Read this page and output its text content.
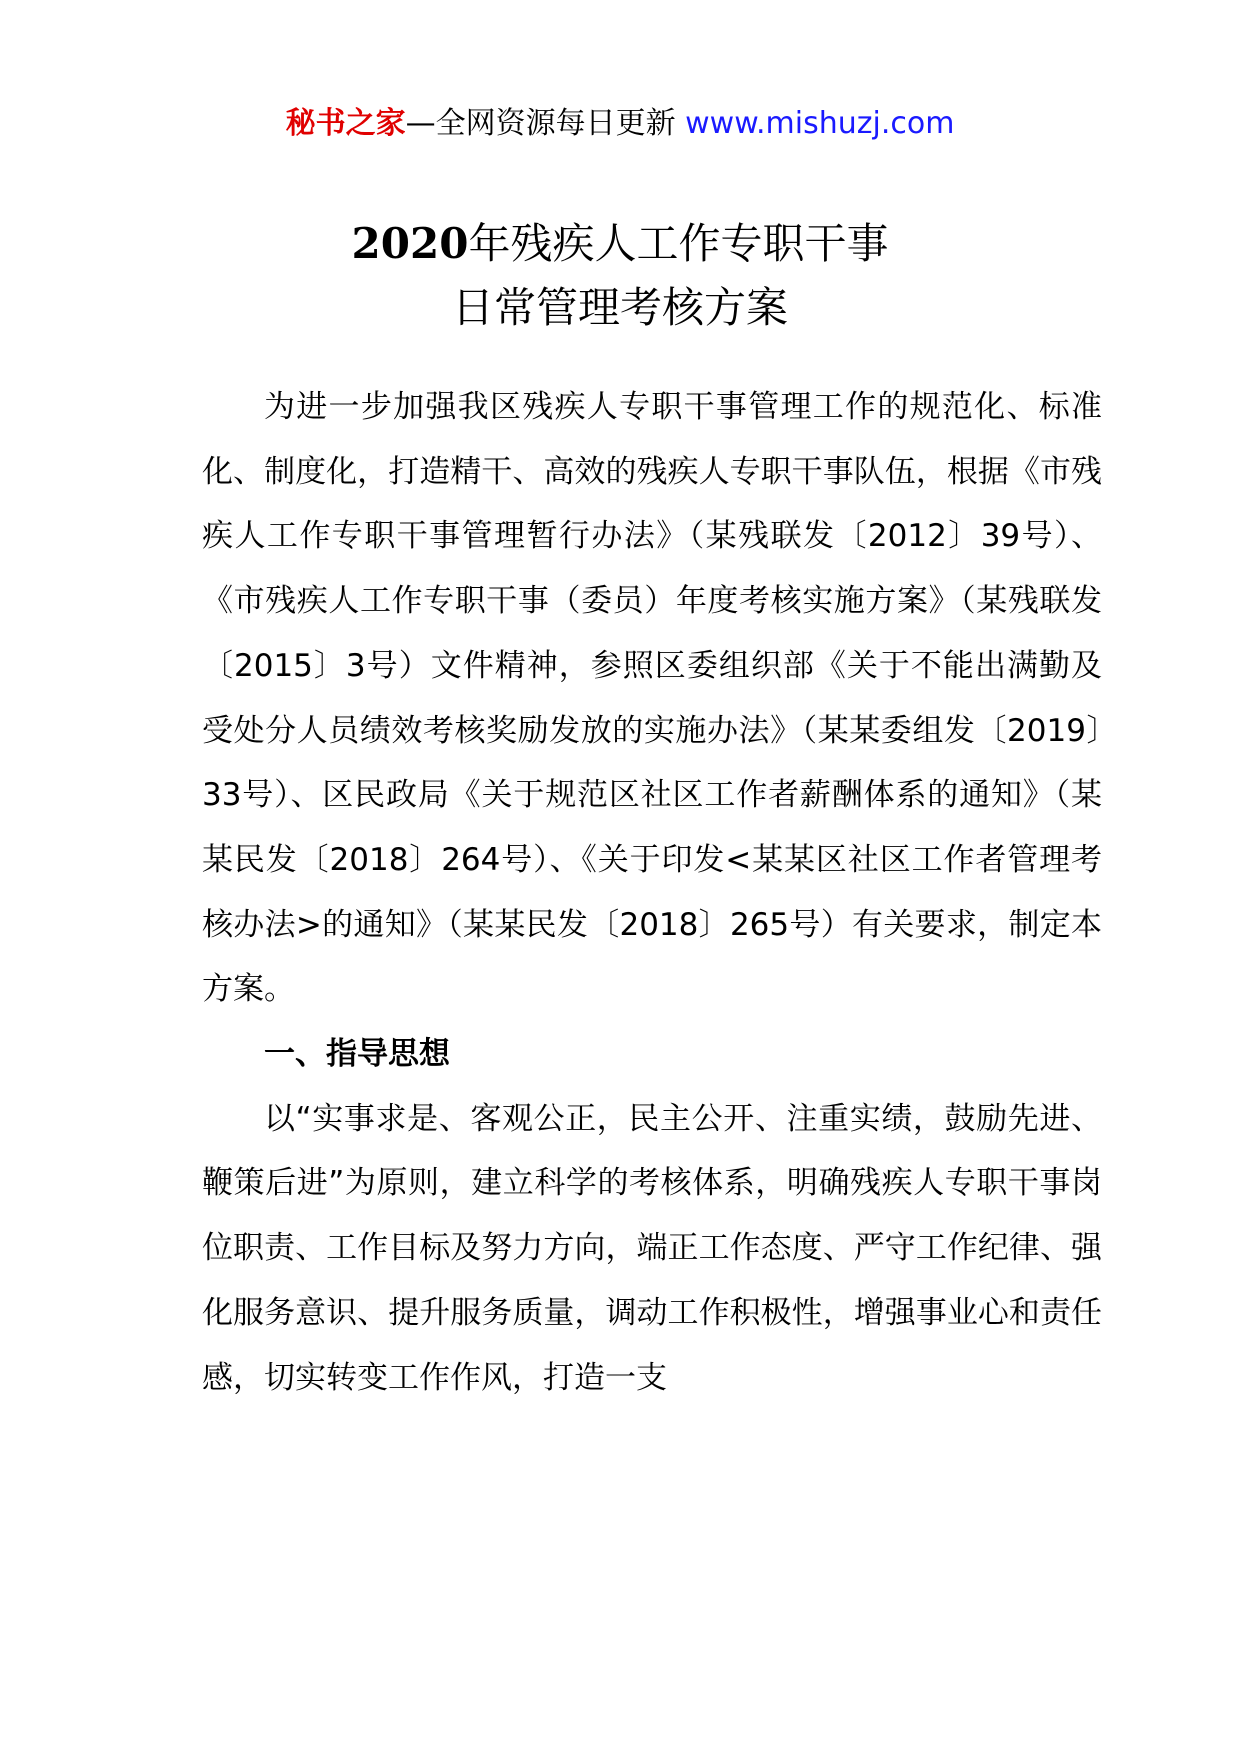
秘书之家—全网资源每日更新 www.mishuzj.com
2020年残疾人工作专职干事
日常管理考核方案

为进一步加强我区残疾人专职干事管理工作的规范化、标准化、制度化，打造精干、高效的残疾人专职干事队伍，根据《市残疾人工作专职干事管理暂行办法》（某残联发〔2012〕39号）、《市残疾人工作专职干事（委员）年度考核实施方案》（某残联发〔2015〕3号）文件精神，参照区委组织部《关于不能出满勤及受处分人员绩效考核奖励发放的实施办法》（某某委组发〔2019〕33号）、区民政局《关于规范区社区工作者薪酬体系的通知》（某某民发〔2018〕264号）、《关于印发<某某区社区工作者管理考核办法>的通知》（某某民发〔2018〕265号）有关要求，制定本方案。

一、指导思想

以“实事求是、客观公正，民主公开、注重实绩，鼓励先进、鞭策后进”为原则，建立科学的考核体系，明确残疾人专职干事岗位职责、工作目标及努力方向，端正工作态度、严守工作纪律、强化服务意识、提升服务质量，调动工作积极性，增强事业心和责任感，切实转变工作作风，打造一支
